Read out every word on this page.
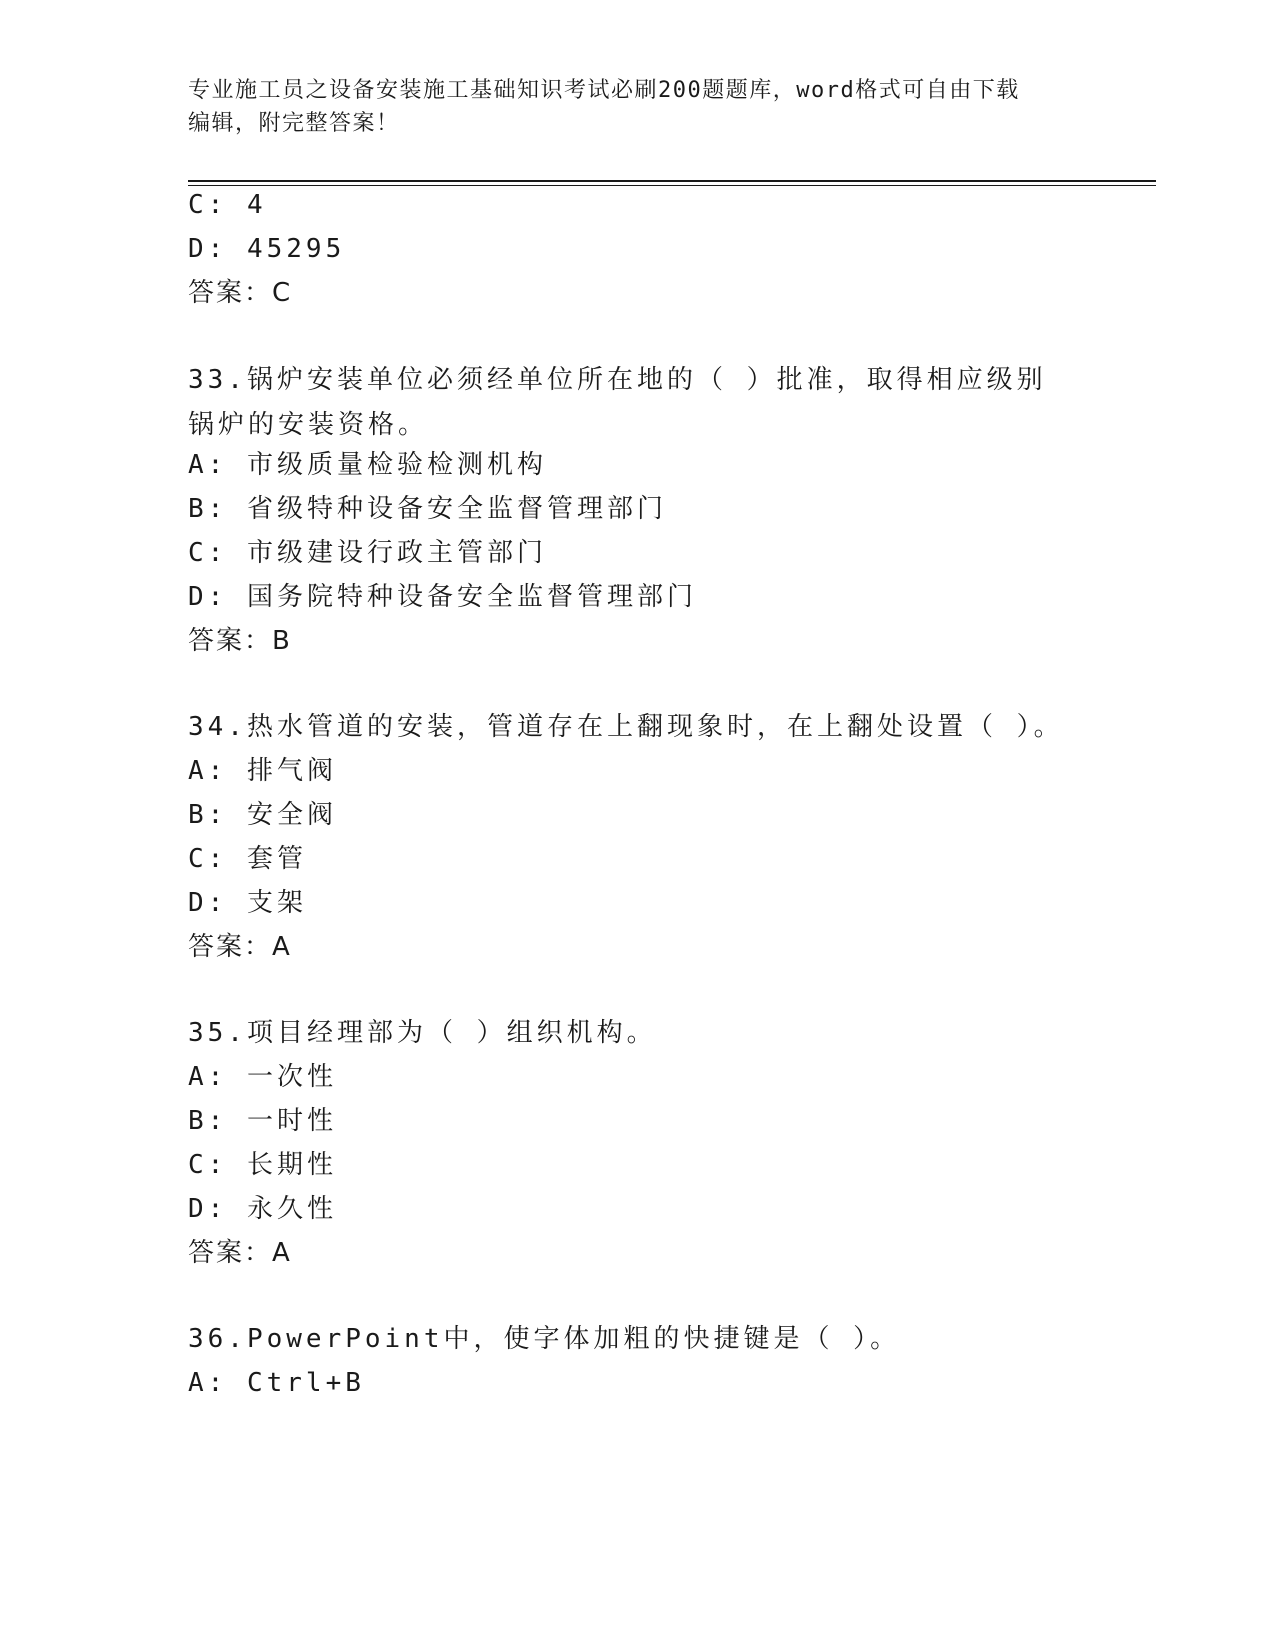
专业施工员之设备安装施工基础知识考试必刷200题题库，word格式可自由下载
编辑，附完整答案！
C: 4
D: 45295
答案：C
33.锅炉安装单位必须经单位所在地的（ ）批准，取得相应级别锅炉的安装资格。
A: 市级质量检验检测机构
B: 省级特种设备安全监督管理部门
C: 市级建设行政主管部门
D: 国务院特种设备安全监督管理部门
答案：B
34.热水管道的安装，管道存在上翻现象时，在上翻处设置（ ）。
A: 排气阀
B: 安全阀
C: 套管
D: 支架
答案：A
35.项目经理部为（ ）组织机构。
A: 一次性
B: 一时性
C: 长期性
D: 永久性
答案：A
36.PowerPoint中，使字体加粗的快捷键是（ ）。
A: Ctrl+B
